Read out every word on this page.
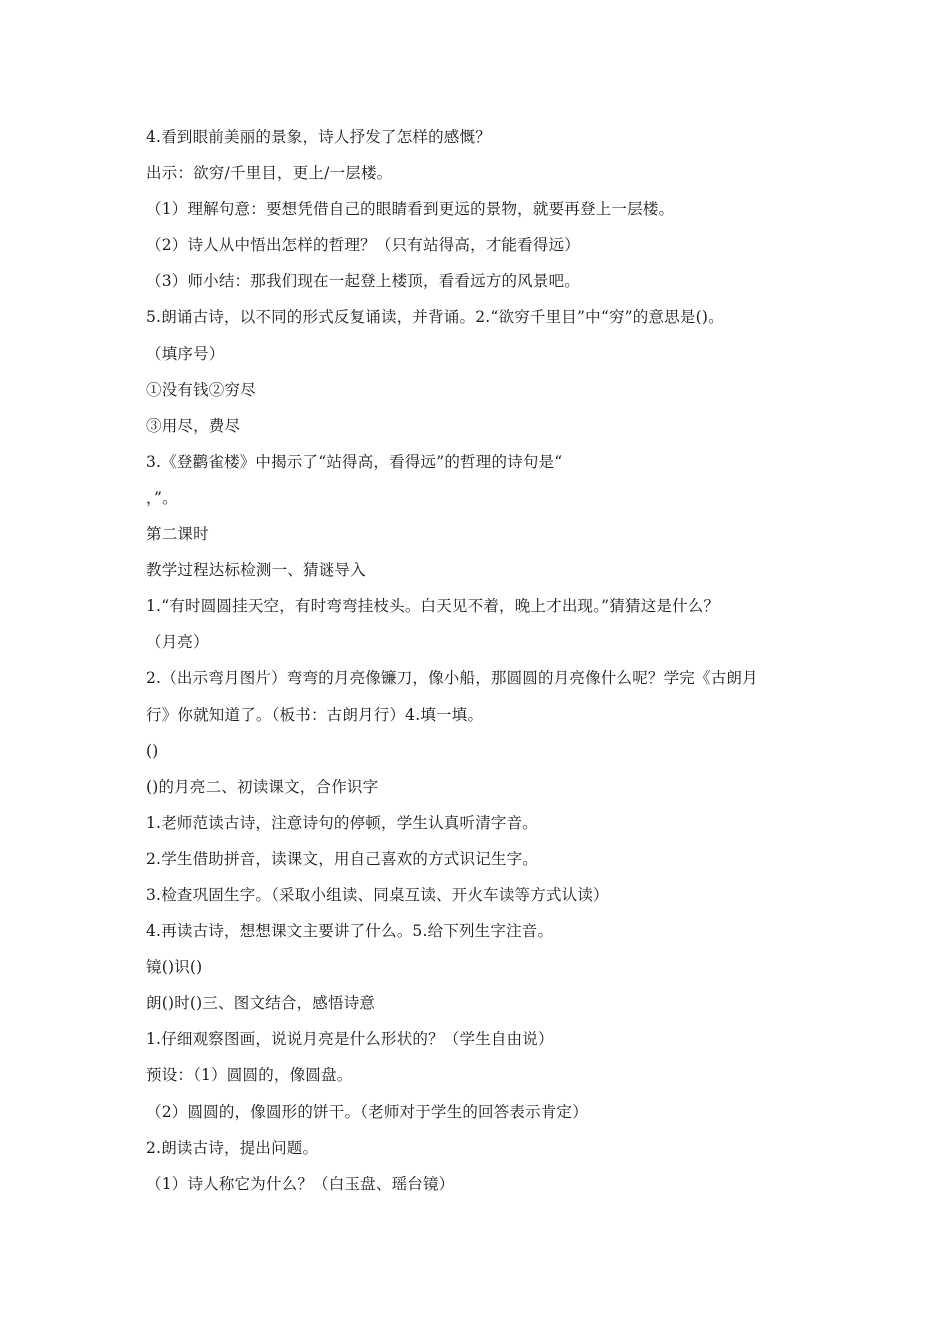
4.看到眼前美丽的景象，诗人抒发了怎样的感慨？
出示：欲穷/千里目，更上/一层楼。
（1）理解句意：要想凭借自己的眼睛看到更远的景物，就要再登上一层楼。
（2）诗人从中悟出怎样的哲理？（只有站得高，才能看得远）
（3）师小结：那我们现在一起登上楼顶，看看远方的风景吧。
5.朗诵古诗，以不同的形式反复诵读，并背诵。2.“欲穷千里目”中“穷”的意思是()。
（填序号）
①没有钱②穷尽
③用尽，费尽
3.《登鹳雀楼》中揭示了“站得高，看得远”的哲理的诗句是“
，”。
第二课时
教学过程达标检测一、猜谜导入
1.“有时圆圆挂天空，有时弯弯挂枝头。白天见不着，晚上才出现。”猜猜这是什么？
（月亮）
2.（出示弯月图片）弯弯的月亮像镰刀，像小船，那圆圆的月亮像什么呢？学完《古朗月
行》你就知道了。（板书：古朗月行）4.填一填。
()
()的月亮二、初读课文，合作识字
1.老师范读古诗，注意诗句的停顿，学生认真听清字音。
2.学生借助拼音，读课文，用自己喜欢的方式识记生字。
3.检查巩固生字。（采取小组读、同桌互读、开火车读等方式认读）
4.再读古诗，想想课文主要讲了什么。5.给下列生字注音。
镜()识()
朗()时()三、图文结合，感悟诗意
1.仔细观察图画，说说月亮是什么形状的？（学生自由说）
预设：（1）圆圆的，像圆盘。
（2）圆圆的，像圆形的饼干。（老师对于学生的回答表示肯定）
2.朗读古诗，提出问题。
（1）诗人称它为什么？（白玉盘、瑶台镜）
